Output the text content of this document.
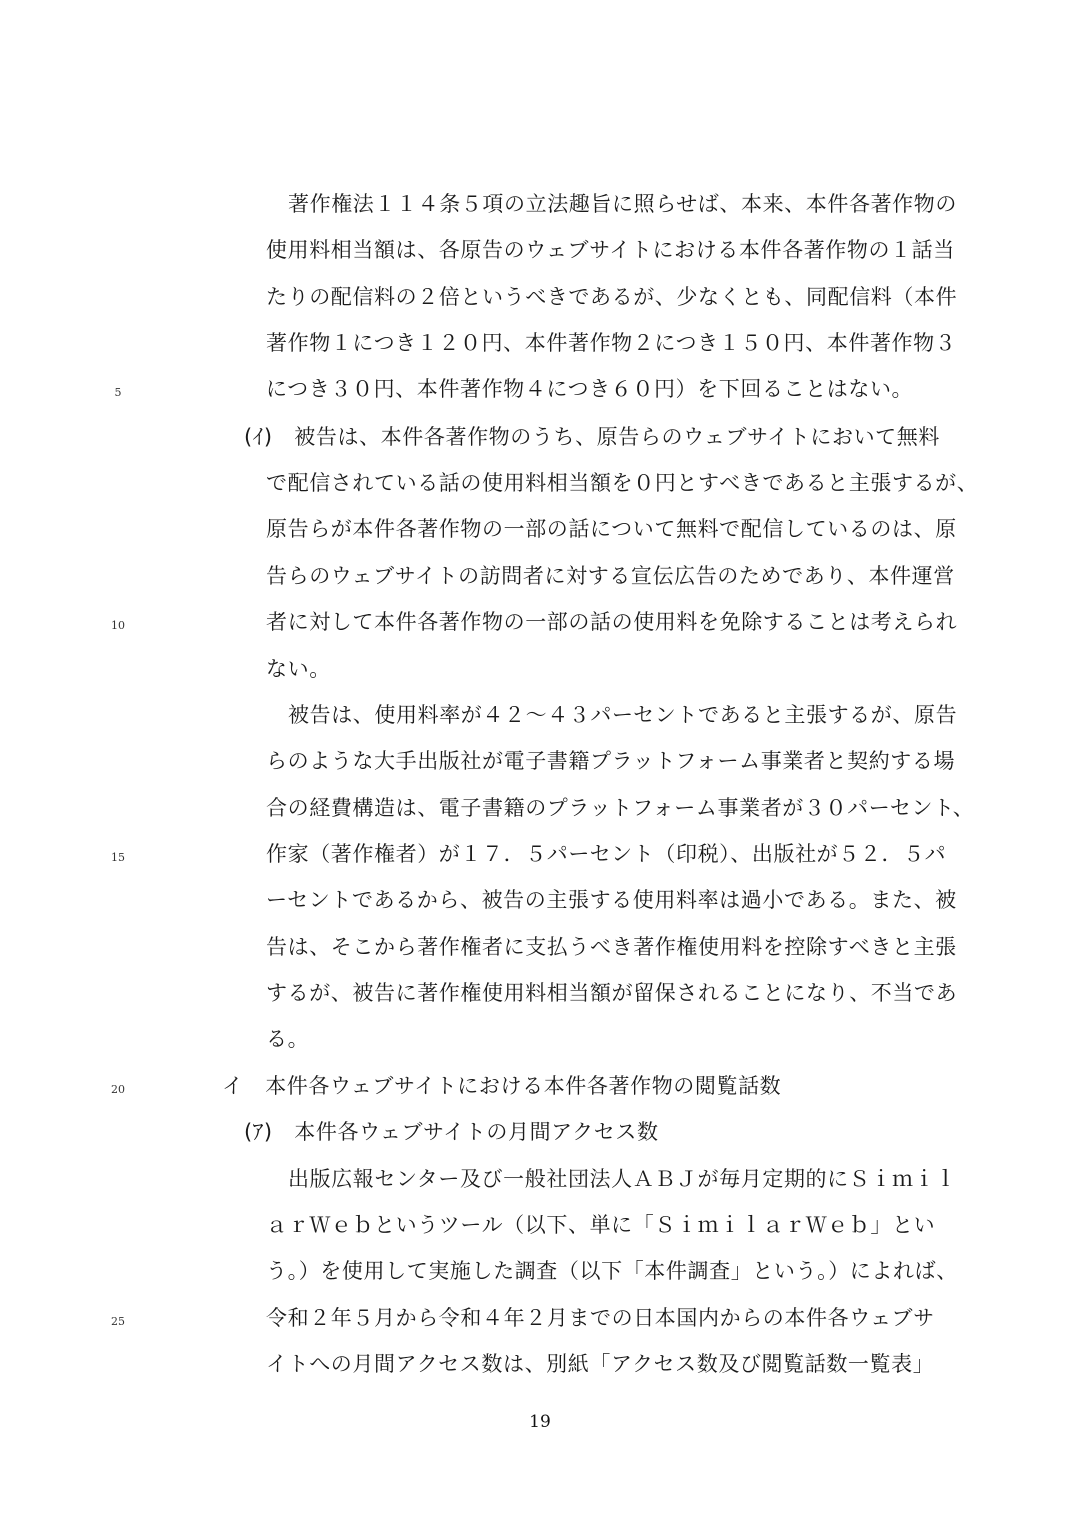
著作権法１１４条５項の立法趣旨に照らせば、本来、本件各著作物の
使用料相当額は、各原告のウェブサイトにおける本件各著作物の１話当
たりの配信料の２倍というべきであるが、少なくとも、同配信料（本件
著作物１につき１２０円、本件著作物２につき１５０円、本件著作物３
につき３０円、本件著作物４につき６０円）を下回ることはない。
(ｲ)　被告は、本件各著作物のうち、原告らのウェブサイトにおいて無料
で配信されている話の使用料相当額を０円とすべきであると主張するが、
原告らが本件各著作物の一部の話について無料で配信しているのは、原
告らのウェブサイトの訪問者に対する宣伝広告のためであり、本件運営
者に対して本件各著作物の一部の話の使用料を免除することは考えられ
ない。
被告は、使用料率が４２～４３パーセントであると主張するが、原告
らのような大手出版社が電子書籍プラットフォーム事業者と契約する場
合の経費構造は、電子書籍のプラットフォーム事業者が３０パーセント、
作家（著作権者）が１７．５パーセント（印税）、出版社が５２．５パ
ーセントであるから、被告の主張する使用料率は過小である。また、被
告は、そこから著作権者に支払うべき著作権使用料を控除すべきと主張
するが、被告に著作権使用料相当額が留保されることになり、不当であ
る。
イ　本件各ウェブサイトにおける本件各著作物の閲覧話数
(ｱ)　本件各ウェブサイトの月間アクセス数
出版広報センター及び一般社団法人ＡＢＪが毎月定期的にＳｉｍｉｌ
ａｒＷｅｂというツール（以下、単に「ＳｉｍｉｌａｒＷｅｂ」とい
う。）を使用して実施した調査（以下「本件調査」という。）によれば、
令和２年５月から令和４年２月までの日本国内からの本件各ウェブサ
イトへの月間アクセス数は、別紙「アクセス数及び閲覧話数一覧表」
5
10
15
20
25
19
